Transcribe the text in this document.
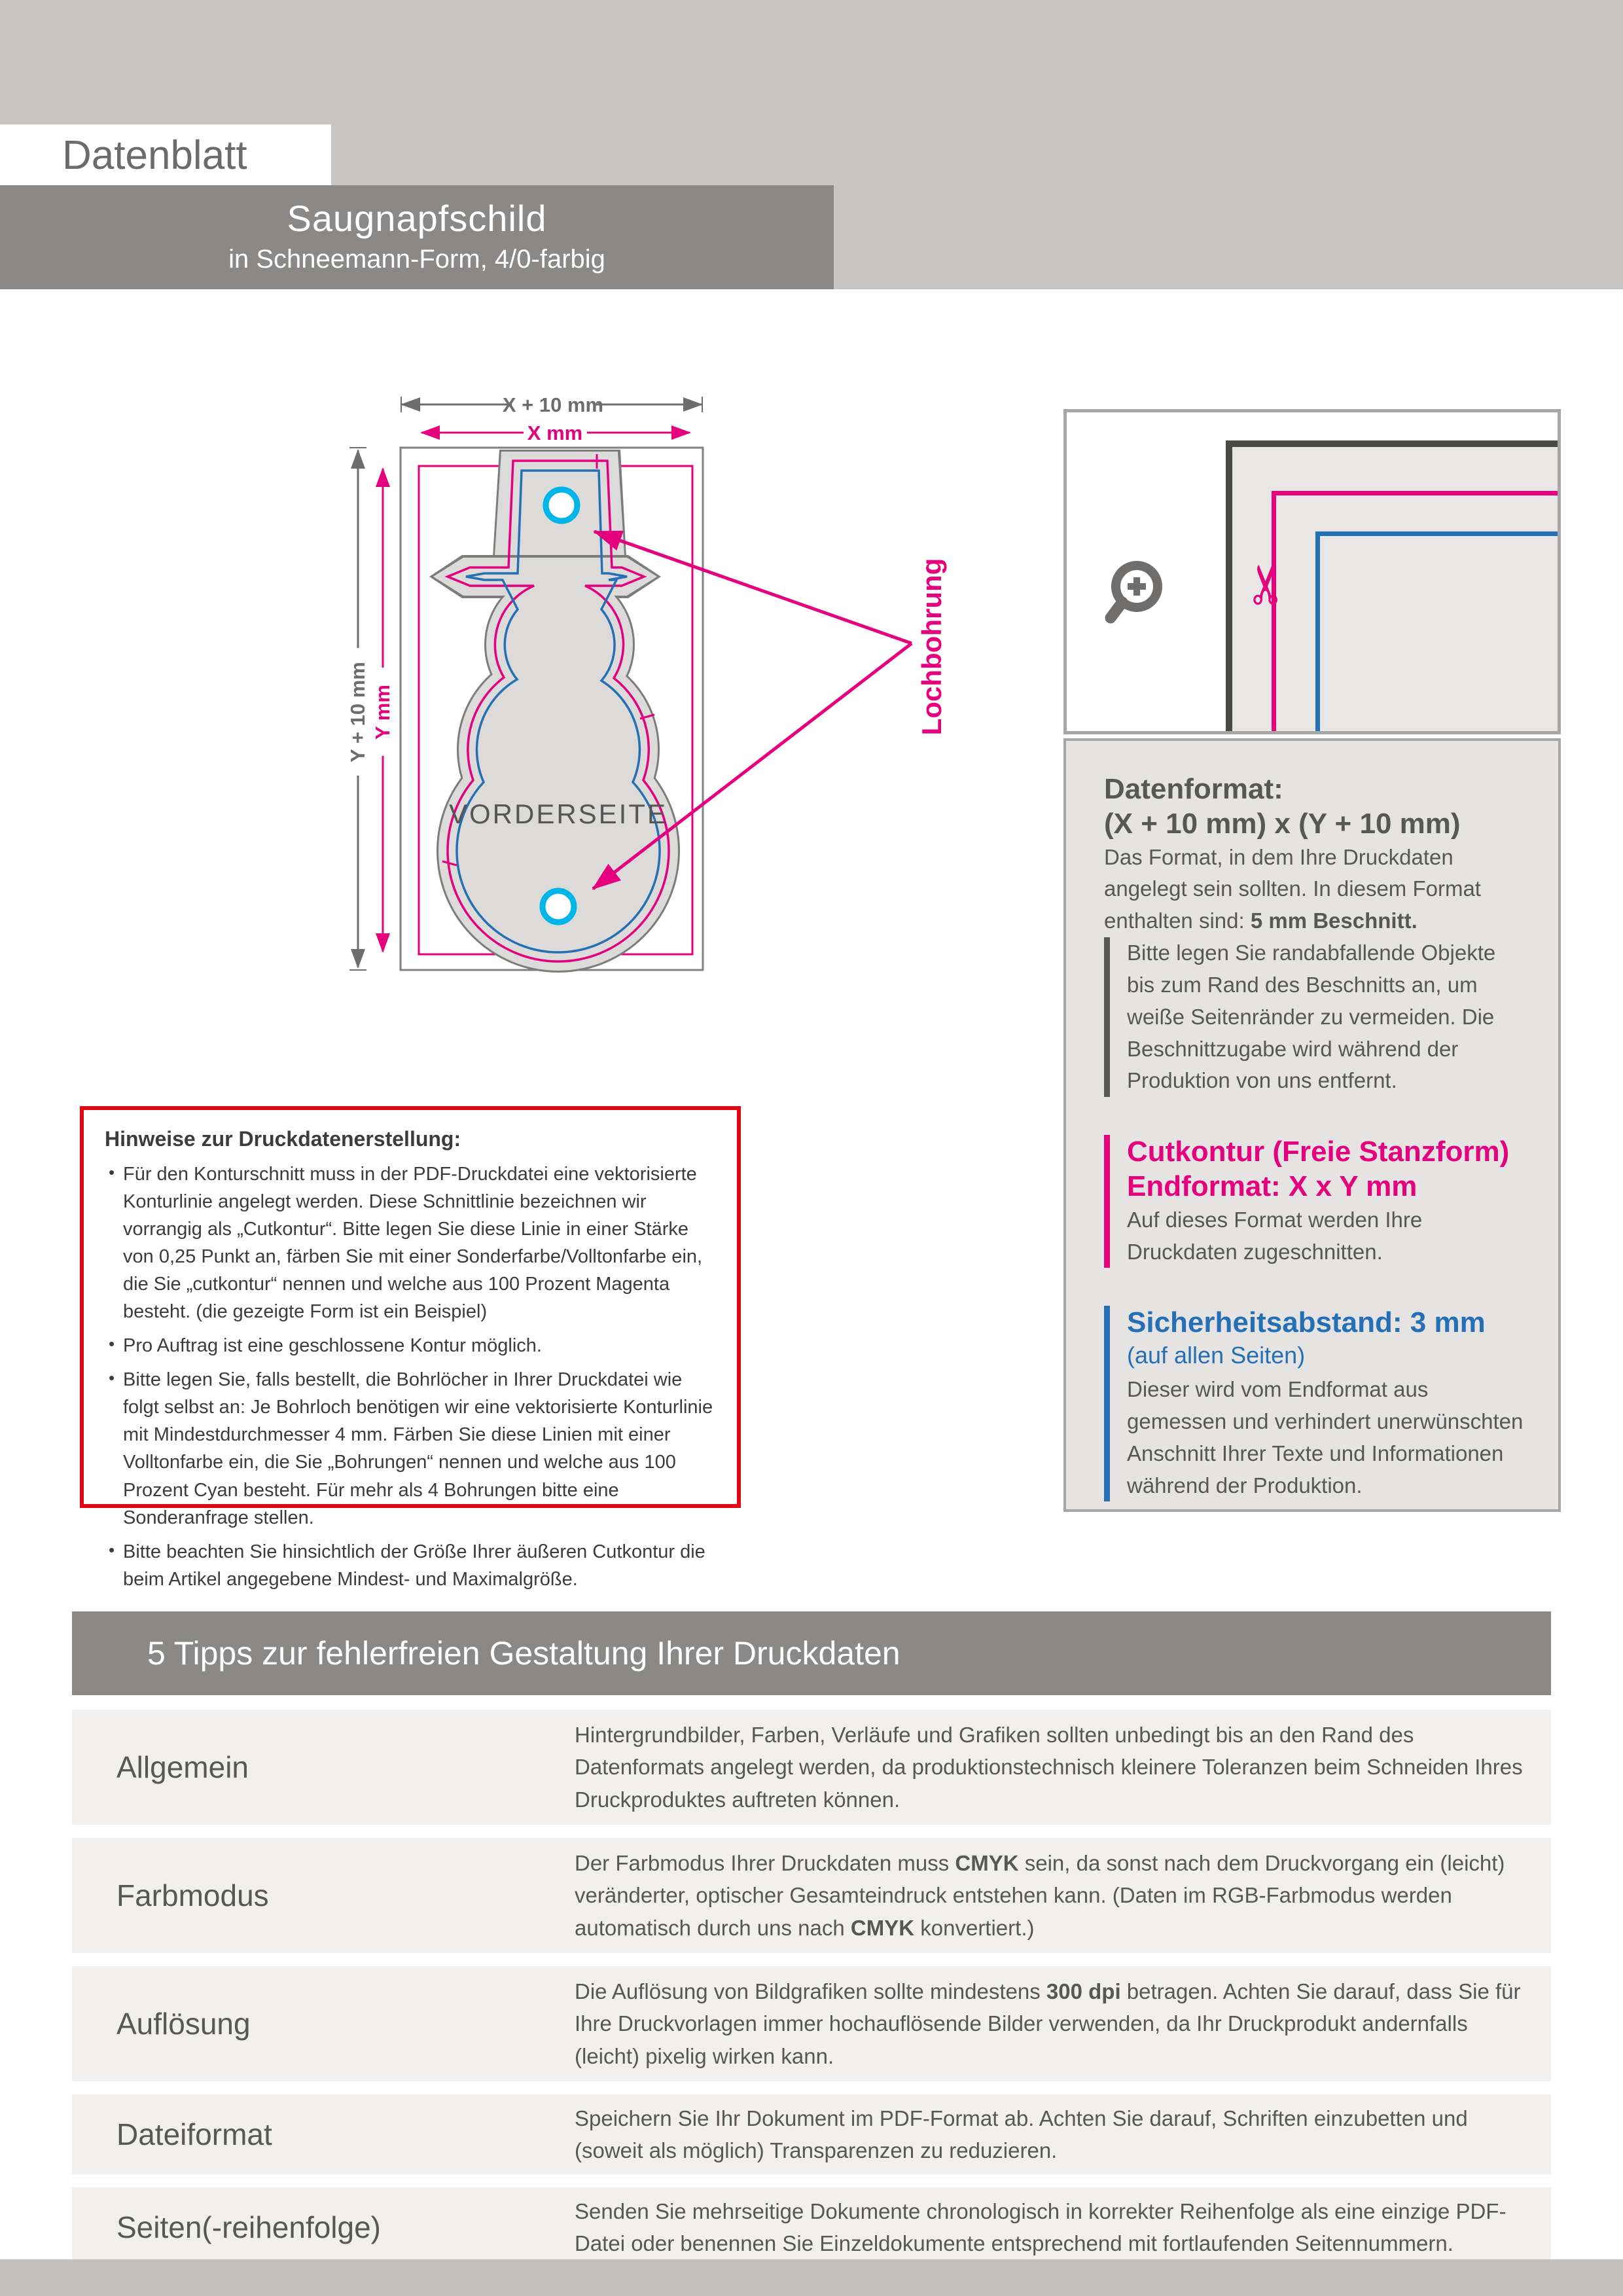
Datenblatt
Saugnapfschild
in Schneemann-Form, 4/0-farbig
Lochbohrung
X + 10 mm
X mm
Y + 10 mm Y mm
VORDERSEITE
✂
Datenformat:
(X + 10 mm) x (Y + 10 mm)

Das Format, in dem Ihre Druckdaten angelegt sein sollten. In diesem Format enthalten sind: 5 mm Beschnitt.

Bitte legen Sie randabfallende Objekte bis zum Rand des Beschnitts an, um weiße Seitenränder zu vermeiden. Die Beschnittzugabe wird während der Produktion von uns entfernt.

Cutkontur (Freie Stanzform)
Endformat: X x Y mm

Auf dieses Format werden Ihre Druckdaten zugeschnitten.

Sicherheitsabstand: 3 mm

(auf allen Seiten)

Dieser wird vom Endformat aus gemessen und verhindert unerwünschten Anschnitt Ihrer Texte und Informationen während der Produktion.

Hinweise zur Druckdatenerstellung:
• Für den Konturschnitt muss in der PDF-Druckdatei eine vektorisierte Konturlinie angelegt werden. Diese Schnittlinie bezeichnen wir vorrangig als „Cutkontur“. Bitte legen Sie diese Linie in einer Stärke von 0,25 Punkt an, färben Sie mit einer Sonderfarbe/Volltonfarbe ein, die Sie „cutkontur“ nennen und welche aus 100 Prozent Magenta besteht. (die gezeigte Form ist ein Beispiel)
• Pro Auftrag ist eine geschlossene Kontur möglich.
• Bitte legen Sie, falls bestellt, die Bohrlöcher in Ihrer Druckdatei wie folgt selbst an: Je Bohrloch benötigen wir eine vektorisierte Konturlinie mit Mindestdurchmesser 4 mm. Färben Sie diese Linien mit einer Volltonfarbe ein, die Sie „Bohrungen“ nennen und welche aus 100 Prozent Cyan besteht. Für mehr als 4 Bohrungen bitte eine Sonderanfrage stellen.
• Bitte beachten Sie hinsichtlich der Größe Ihrer äußeren Cutkontur die beim Artikel angegebene Mindest- und Maximalgröße.
5 Tipps zur fehlerfreien Gestaltung Ihrer Druckdaten
Allgemein
Hintergrundbilder, Farben, Verläufe und Grafiken sollten unbedingt bis an den Rand des Datenformats angelegt werden, da produktionstechnisch kleinere Toleranzen beim Schneiden Ihres Druckproduktes auftreten können.
Farbmodus
Der Farbmodus Ihrer Druckdaten muss CMYK sein, da sonst nach dem Druckvorgang ein (leicht) veränderter, optischer Gesamteindruck entstehen kann. (Daten im RGB-Farbmodus werden automatisch durch uns nach CMYK konvertiert.)
Auflösung
Die Auflösung von Bildgrafiken sollte mindestens 300 dpi betragen. Achten Sie darauf, dass Sie für Ihre Druckvorlagen immer hochauflösende Bilder verwenden, da Ihr Druckprodukt andernfalls (leicht) pixelig wirken kann.
Dateiformat	Speichern Sie Ihr Dokument im PDF-Format ab. Achten Sie darauf, Schriften einzubetten und (soweit als möglich) Transparenzen zu reduzieren.
Seiten(-reihenfolge)	Senden Sie mehrseitige Dokumente chronologisch in korrekter Reihenfolge als eine einzige PDF-Datei oder benennen Sie Einzeldokumente entsprechend mit fortlaufenden Seitennummern.
